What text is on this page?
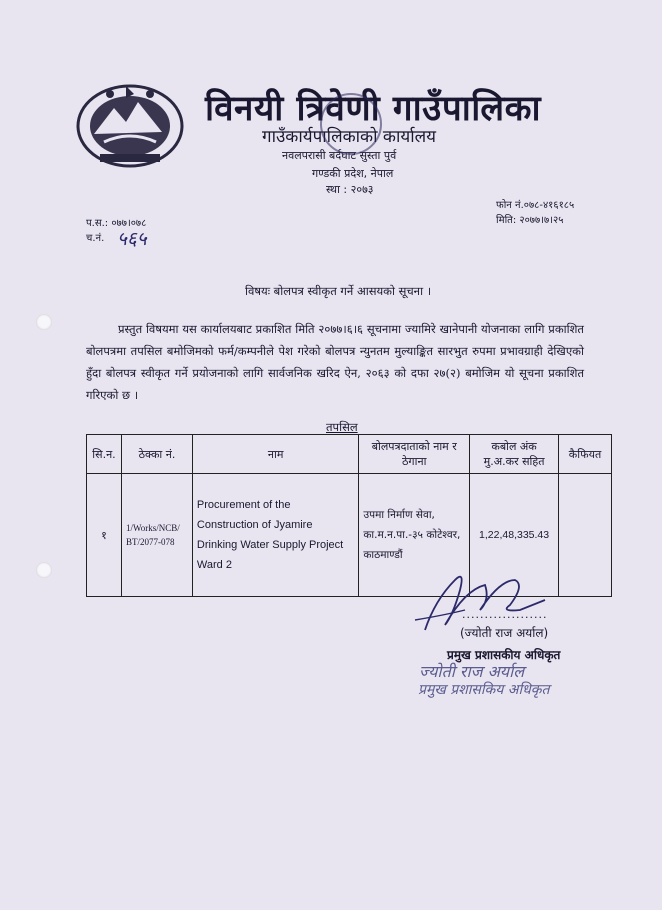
विनयी त्रिवेणी गाउँपालिका
गाउँकार्यपालिकाको कार्यालय
नवलपरासी बर्दघाट सुस्ता पुर्व
गण्डकी प्रदेश, नेपाल
स्था : २०७३
फोन नं.०७८-४१६१८५
मिति: २०७७।७।२५
प.स.: ०७७।०७८
च.नं. ५६५
विषयः बोलपत्र स्वीकृत गर्ने आसयको सूचना ।
प्रस्तुत विषयमा यस कार्यालयबाट प्रकाशित मिति २०७७।६।६ सूचनामा ज्यामिरे खानेपानी योजनाका लागि प्रकाशित बोलपत्रमा तपसिल बमोजिमको फर्म/कम्पनीले पेश गरेको बोलपत्र न्युनतम मुल्याङ्कित सारभुत रुपमा प्रभावग्राही देखिएको हुँदा बोलपत्र स्वीकृत गर्ने प्रयोजनाको लागि सार्वजनिक खरिद ऐन, २०६३ को दफा २७(२) बमोजिम यो सूचना प्रकाशित गरिएको छ ।
तपसिल
सि.न.	ठेक्का नं.	नाम	बोलपत्रदाताको नाम र ठेगाना	कबोल अंक मु.अ.कर सहित	कैफियत
१	1/Works/NCB/ BT/2077-078	Procurement of the Construction of Jyamire Drinking Water Supply Project Ward 2	उपमा निर्माण सेवा, का.म.न.पा.-३५ कोटेश्वर, काठमाण्डौं	1,22,48,335.43	
...................
(ज्योती राज अर्याल)
प्रमुख प्रशासकीय अधिकृत
ज्योती राज अर्याल
प्रमुख प्रशासकिय अधिकृत
